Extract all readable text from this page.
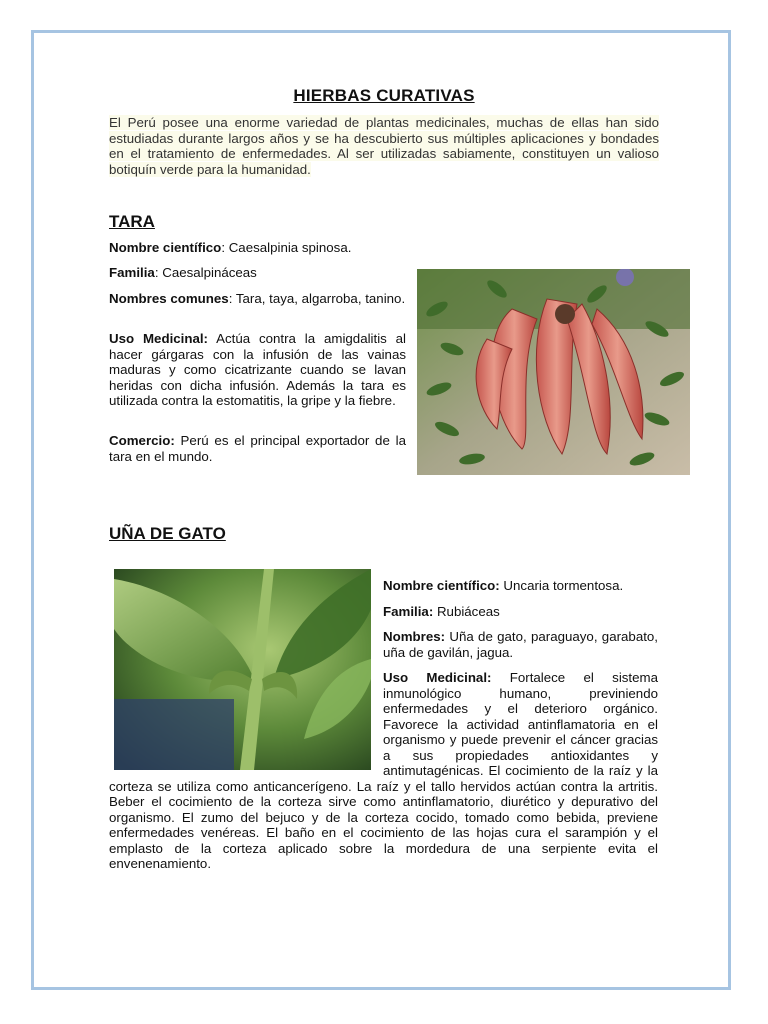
HIERBAS CURATIVAS
El Perú posee una enorme variedad de plantas medicinales, muchas de ellas han sido estudiadas durante largos años y se ha descubierto sus múltiples aplicaciones y bondades en el tratamiento de enfermedades. Al ser utilizadas sabiamente, constituyen un valioso botiquín verde para la humanidad.
TARA
Nombre científico: Caesalpinia spinosa.
Familia: Caesalpináceas
Nombres comunes: Tara, taya, algarroba, tanino.
Uso Medicinal: Actúa contra la amigdalitis al hacer gárgaras con la infusión de las vainas maduras y como cicatrizante cuando se lavan heridas con dicha infusión. Además la tara es utilizada contra la estomatitis, la gripe y la fiebre.
Comercio: Perú es el principal exportador de la tara en el mundo.
UÑA DE GATO

Nombre científico: Uncaria tormentosa.

Familia: Rubiáceas

Nombres: Uña de gato, paraguayo, garabato, uña de gavilán, jagua.

Uso Medicinal: Fortalece el sistema inmunológico humano, previniendo enfermedades y el deterioro orgánico. Favorece la actividad antinflamatoria en el organismo y puede prevenir el cáncer gracias a sus propiedades antioxidantes y antimutagénicas. El cocimiento de la raíz y la corteza se utiliza como anticancerígeno. La raíz y el tallo hervidos actúan contra la artritis. Beber el cocimiento de la corteza sirve como antinflamatorio, diurético y depurativo del organismo. El zumo del bejuco y de la corteza cocido, tomado como bebida, previene enfermedades venéreas. El baño en el cocimiento de las hojas cura el sarampión y el emplasto de la corteza aplicado sobre la mordedura de una serpiente evita el envenenamiento.
